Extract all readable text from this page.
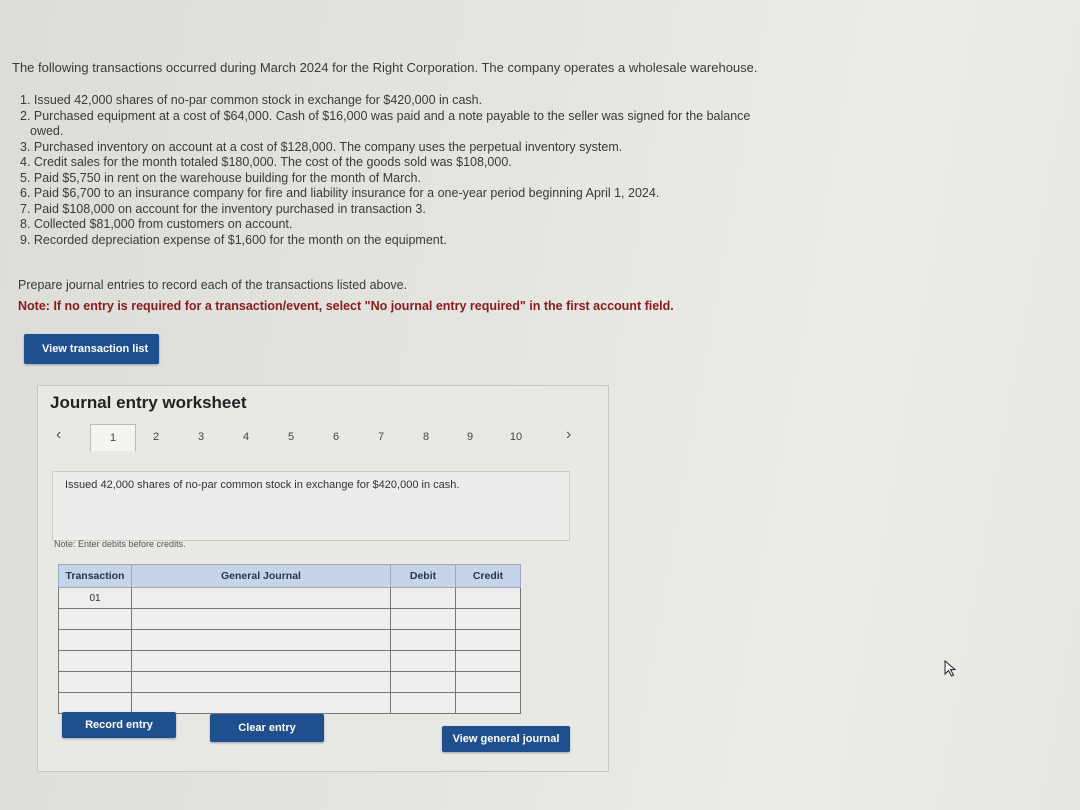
The following transactions occurred during March 2024 for the Right Corporation. The company operates a wholesale warehouse.
1. Issued 42,000 shares of no-par common stock in exchange for $420,000 in cash.
2. Purchased equipment at a cost of $64,000. Cash of $16,000 was paid and a note payable to the seller was signed for the balance
owed.
3. Purchased inventory on account at a cost of $128,000. The company uses the perpetual inventory system.
4. Credit sales for the month totaled $180,000. The cost of the goods sold was $108,000.
5. Paid $5,750 in rent on the warehouse building for the month of March.
6. Paid $6,700 to an insurance company for fire and liability insurance for a one-year period beginning April 1, 2024.
7. Paid $108,000 on account for the inventory purchased in transaction 3.
8. Collected $81,000 from customers on account.
9. Recorded depreciation expense of $1,600 for the month on the equipment.
Prepare journal entries to record each of the transactions listed above.
Note: If no entry is required for a transaction/event, select "No journal entry required" in the first account field.
View transaction list
Journal entry worksheet
‹	1	2	3	4	5	6	7	8	9	10	›
Issued 42,000 shares of no-par common stock in exchange for $420,000 in cash.
Note: Enter debits before credits.
Transaction	General Journal	Debit	Credit
01			

Record entry	Clear entry
View general journal
